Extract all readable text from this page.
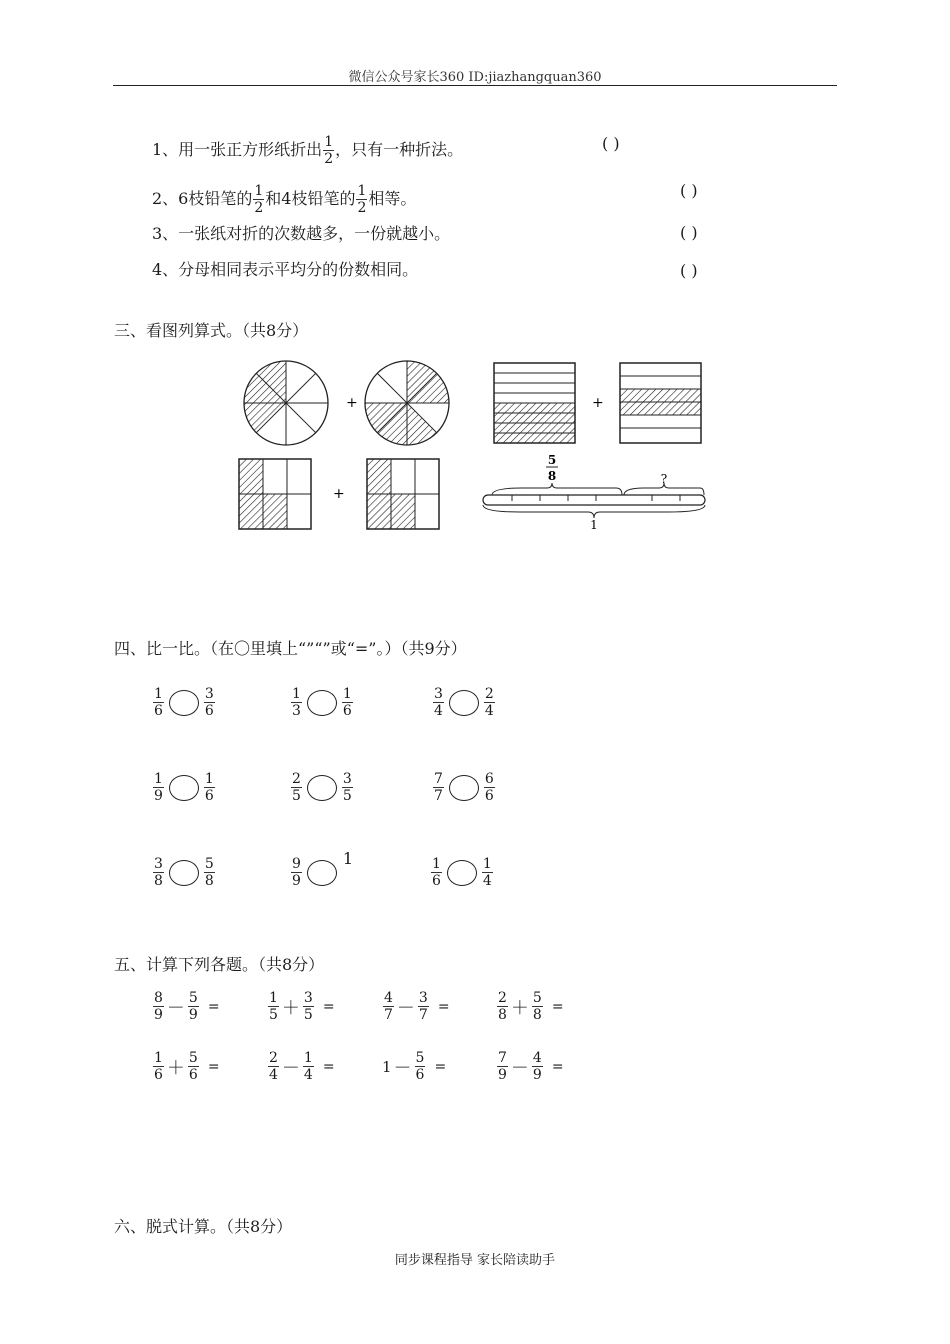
微信公众号家长360 ID:jiazhangquan360
1、用一张正方形纸折出 $\frac{1}{2}$ ，只有一种折法。	( )
2、6枝铅笔的 $\frac{1}{2}$ 和4枝铅笔的 $\frac{1}{2}$ 相等。	( )
3、一张纸对折的次数越多，一份就越小。	( )
4、分母相同表示平均分的份数相同。	( )
三、看图列算式。（共8分）
+	+
+
5
8	?
1
四、比一比。（在〇里填上“”“”或“=”。）（共9分）
$\frac{1}{6}$	$\frac{3}{6}$	$\frac{1}{3}$	$\frac{1}{6}$	$\frac{3}{4}$	$\frac{2}{4}$
$\frac{1}{9}$	$\frac{1}{6}$	$\frac{2}{5}$	$\frac{3}{5}$	$\frac{7}{7}$	$\frac{6}{6}$
$\frac{3}{8}$	$\frac{5}{8}$	$\frac{9}{9}$	1	$\frac{1}{6}$	$\frac{1}{4}$
五、计算下列各题。（共8分）
$\frac{8}{9} - \frac{5}{9}$ =	$\frac{1}{5} + \frac{3}{5}$ =	$\frac{4}{7} - \frac{3}{7}$ =	$\frac{2}{8} + \frac{5}{8}$ =
$\frac{1}{6} + \frac{5}{6}$ =	$\frac{2}{4} - \frac{1}{4}$ =	$1 - \frac{5}{6}$ =	$\frac{7}{9} - \frac{4}{9}$ =
六、脱式计算。（共8分）
同步课程指导 家长陪读助手
